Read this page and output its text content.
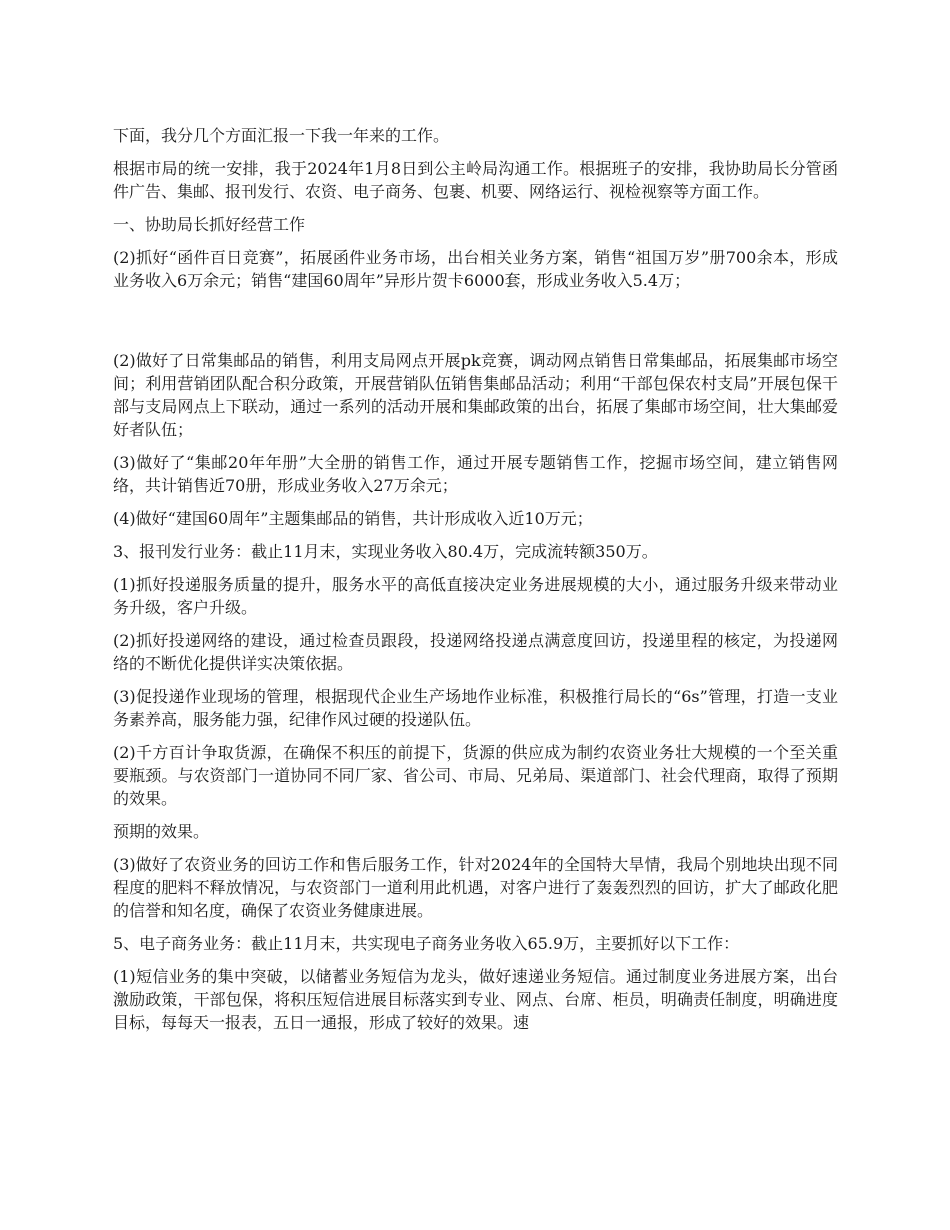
下面，我分几个方面汇报一下我一年来的工作。

根据市局的统一安排，我于2024年1月8日到公主岭局沟通工作。根据班子的安排，我协助局长分管函件广告、集邮、报刊发行、农资、电子商务、包裹、机要、网络运行、视检视察等方面工作。

一、协助局长抓好经营工作

(2)抓好“函件百日竞赛”，拓展函件业务市场，出台相关业务方案，销售“祖国万岁”册700余本，形成业务收入6万余元；销售“建国60周年”异形片贺卡6000套，形成业务收入5.4万；

(2)做好了日常集邮品的销售，利用支局网点开展pk竞赛，调动网点销售日常集邮品，拓展集邮市场空间；利用营销团队配合积分政策，开展营销队伍销售集邮品活动；利用“干部包保农村支局”开展包保干部与支局网点上下联动，通过一系列的活动开展和集邮政策的出台，拓展了集邮市场空间，壮大集邮爱好者队伍；

(3)做好了“集邮20年年册”大全册的销售工作，通过开展专题销售工作，挖掘市场空间，建立销售网络，共计销售近70册，形成业务收入27万余元；

(4)做好“建国60周年”主题集邮品的销售，共计形成收入近10万元；

3、报刊发行业务：截止11月末，实现业务收入80.4万，完成流转额350万。

(1)抓好投递服务质量的提升，服务水平的高低直接决定业务进展规模的大小，通过服务升级来带动业务升级，客户升级。

(2)抓好投递网络的建设，通过检查员跟段，投递网络投递点满意度回访，投递里程的核定，为投递网络的不断优化提供详实决策依据。

(3)促投递作业现场的管理，根据现代企业生产场地作业标准，积极推行局长的“6s”管理，打造一支业务素养高，服务能力强，纪律作风过硬的投递队伍。

(2)千方百计争取货源，在确保不积压的前提下，货源的供应成为制约农资业务壮大规模的一个至关重要瓶颈。与农资部门一道协同不同厂家、省公司、市局、兄弟局、渠道部门、社会代理商，取得了预期的效果。

预期的效果。

(3)做好了农资业务的回访工作和售后服务工作，针对2024年的全国特大旱情，我局个别地块出现不同程度的肥料不释放情况，与农资部门一道利用此机遇，对客户进行了轰轰烈烈的回访，扩大了邮政化肥的信誉和知名度，确保了农资业务健康进展。

5、电子商务业务：截止11月末，共实现电子商务业务收入65.9万，主要抓好以下工作：

(1)短信业务的集中突破，以储蓄业务短信为龙头，做好速递业务短信。通过制度业务进展方案，出台激励政策，干部包保，将积压短信进展目标落实到专业、网点、台席、柜员，明确责任制度，明确进度目标，每每天一报表，五日一通报，形成了较好的效果。速
